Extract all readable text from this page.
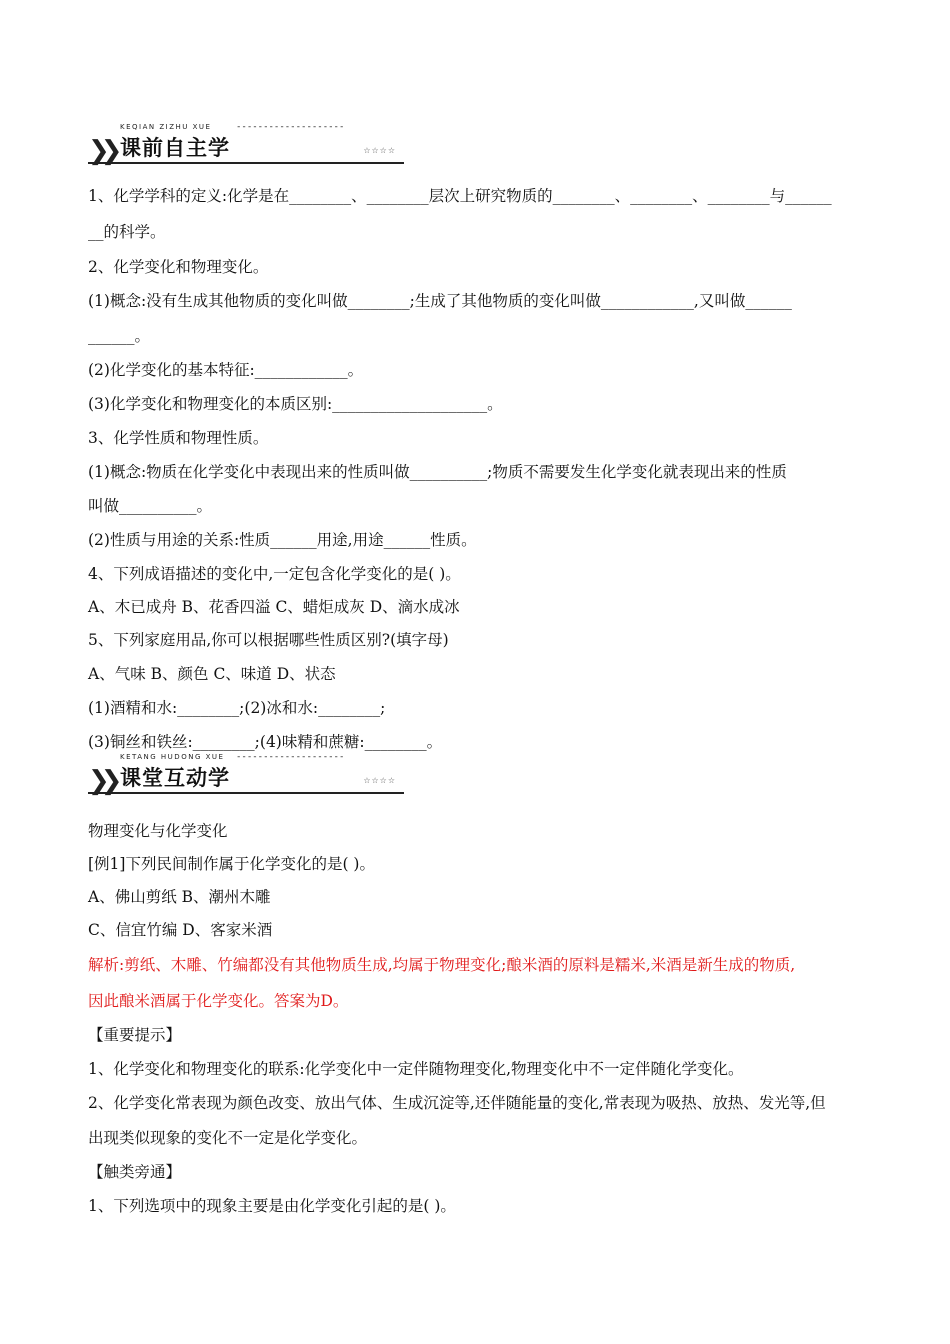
❯❯
KEQIAN ZIZHU XUE	--------------------
课前自主学	☆☆☆☆
1、化学学科的定义:化学是在________、________层次上研究物质的________、________、________与______
__的科学。
2、化学变化和物理变化。
(1)概念:没有生成其他物质的变化叫做________;生成了其他物质的变化叫做____________,又叫做______
______。
(2)化学变化的基本特征:____________。
(3)化学变化和物理变化的本质区别:____________________。
3、化学性质和物理性质。
(1)概念:物质在化学变化中表现出来的性质叫做__________;物质不需要发生化学变化就表现出来的性质
叫做__________。
(2)性质与用途的关系:性质______用途,用途______性质。
4、下列成语描述的变化中,一定包含化学变化的是( )。
A、木已成舟 B、花香四溢 C、蜡炬成灰 D、滴水成冰
5、下列家庭用品,你可以根据哪些性质区别?(填字母)
A、气味 B、颜色 C、味道 D、状态
(1)酒精和水:________;(2)冰和水:________;
(3)铜丝和铁丝:________;(4)味精和蔗糖:________。
❯❯
KETANG HUDONG XUE --------------------
课堂互动学	☆☆☆☆
物理变化与化学变化
[例1]下列民间制作属于化学变化的是( )。
A、佛山剪纸 B、潮州木雕
C、信宜竹编 D、客家米酒
解析:剪纸、木雕、竹编都没有其他物质生成,均属于物理变化;酿米酒的原料是糯米,米酒是新生成的物质,
因此酿米酒属于化学变化。答案为D。
【重要提示】
1、化学变化和物理变化的联系:化学变化中一定伴随物理变化,物理变化中不一定伴随化学变化。
2、化学变化常表现为颜色改变、放出气体、生成沉淀等,还伴随能量的变化,常表现为吸热、放热、发光等,但
出现类似现象的变化不一定是化学变化。
【触类旁通】
1、下列选项中的现象主要是由化学变化引起的是( )。
